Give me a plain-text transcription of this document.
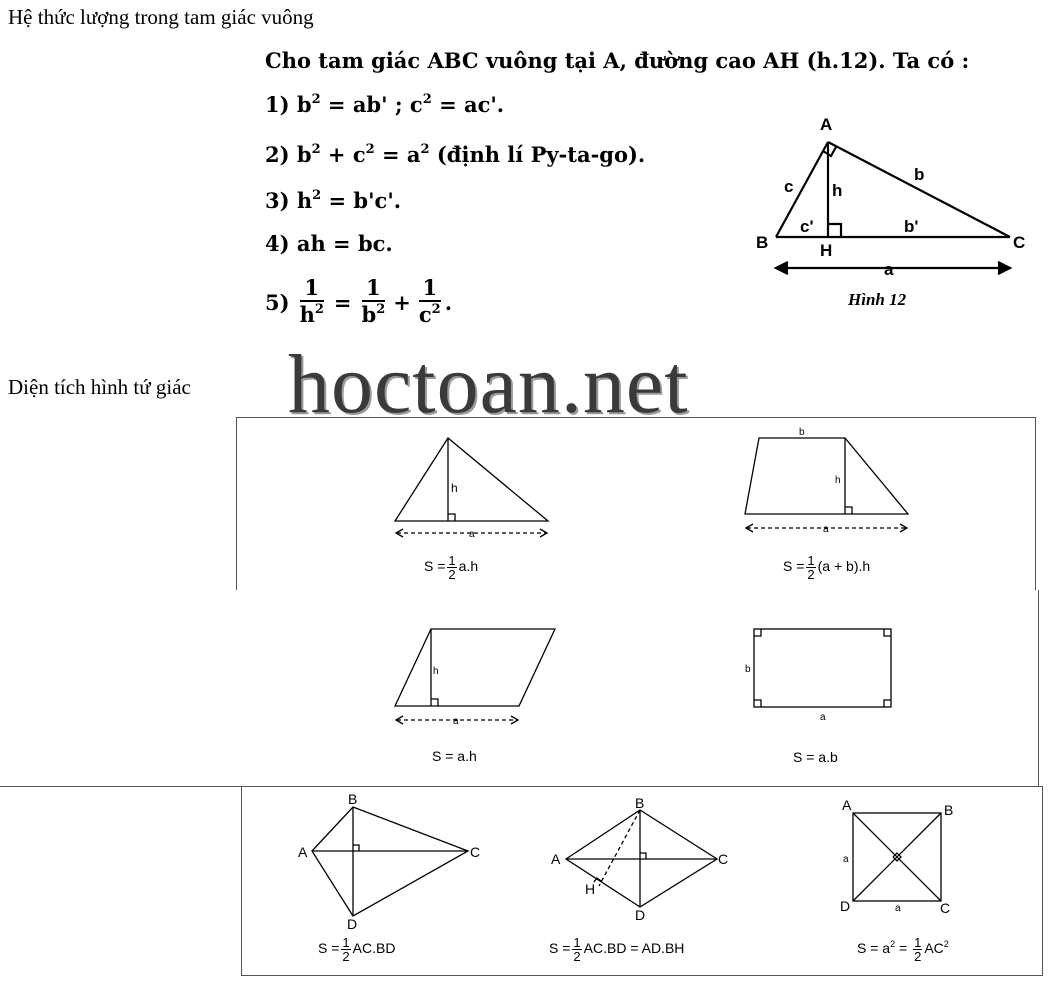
Hệ thức lượng trong tam giác vuông
Cho tam giác ABC vuông tại A, đường cao AH (h.12). Ta có :
1) $b^2 = ab'$ ; $c^2 = ac'$.
2) $b^2 + c^2 = a^2$ (định lí Py-ta-go).
3) $h^2 = b'c'$.
4) ah = bc.
$5) \frac{1}{h^2} = \frac{1}{b^2} + \frac{1}{c^2}$ .
A
B	C
H
c
b
h
c'	b'
a
Hình 12
Diện tích hình tứ giác hoctoan.net
h
a
$S = \frac{1}{2} a.h$
b
h
a
$S = \frac{1}{2} (a + b).h$
h
a
S = a.h
b
a
S = a.b
B
A	C
D
$S = \frac{1}{2} AC.BD$
B
A	C
D
H
$S = \frac{1}{2} AC.BD = AD.BH$
A	B
D	C
a
a
$S = a^2 = \frac{1}{2} AC^2$
